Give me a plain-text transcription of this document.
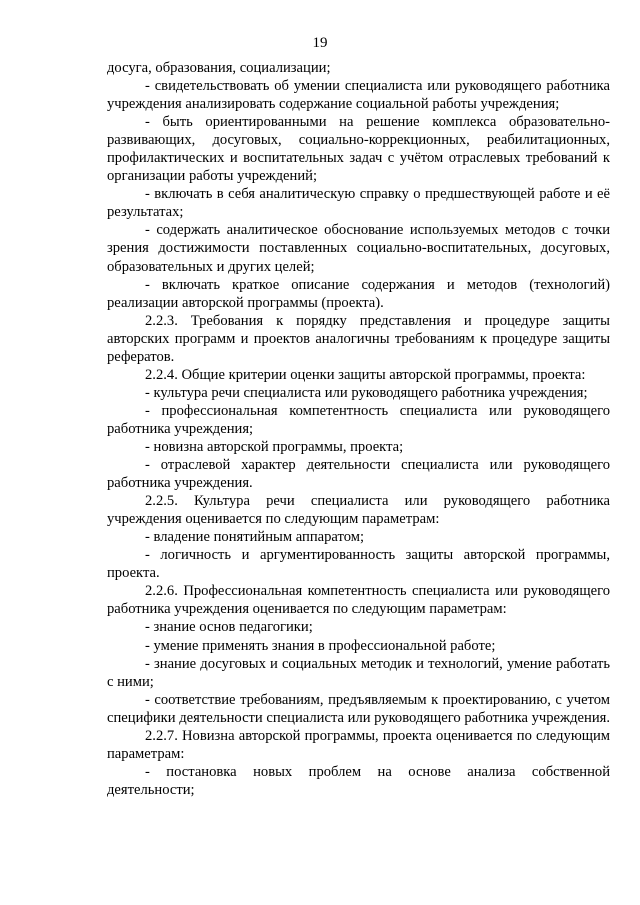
19

досуга, образования, социализации;

- свидетельствовать об умении специалиста или руководящего работника учреждения анализировать содержание социальной работы учреждения;

- быть ориентированными на решение комплекса образовательно-развивающих, досуговых, социально-коррекционных, реабилитационных, профилактических и воспитательных задач с учётом отраслевых требований к организации работы учреждений;

- включать в себя аналитическую справку о предшествующей работе и её результатах;

- содержать аналитическое обоснование используемых методов с точки зрения достижимости поставленных социально-воспитательных, досуговых, образовательных и других целей;

- включать краткое описание содержания и методов (технологий) реализации авторской программы (проекта).

2.2.3. Требования к порядку представления и процедуре защиты авторских программ и проектов аналогичны требованиям к процедуре защиты рефератов.

2.2.4. Общие критерии оценки защиты авторской программы, проекта:

- культура речи специалиста или руководящего работника учреждения;

- профессиональная компетентность специалиста или руководящего работника учреждения;

- новизна авторской программы, проекта;

- отраслевой характер деятельности специалиста или руководящего работника учреждения.

2.2.5. Культура речи специалиста или руководящего работника учреждения оценивается по следующим параметрам:

- владение понятийным аппаратом;

- логичность и аргументированность защиты авторской программы, проекта.

2.2.6. Профессиональная компетентность специалиста или руководящего работника учреждения оценивается по следующим параметрам:

- знание основ педагогики;

- умение применять знания в профессиональной работе;

- знание досуговых и социальных методик и технологий, умение работать с ними;

- соответствие требованиям, предъявляемым к проектированию, с учетом специфики деятельности специалиста или руководящего работника учреждения.

2.2.7. Новизна авторской программы, проекта оценивается по следующим параметрам:

- постановка новых проблем на основе анализа собственной деятельности;
